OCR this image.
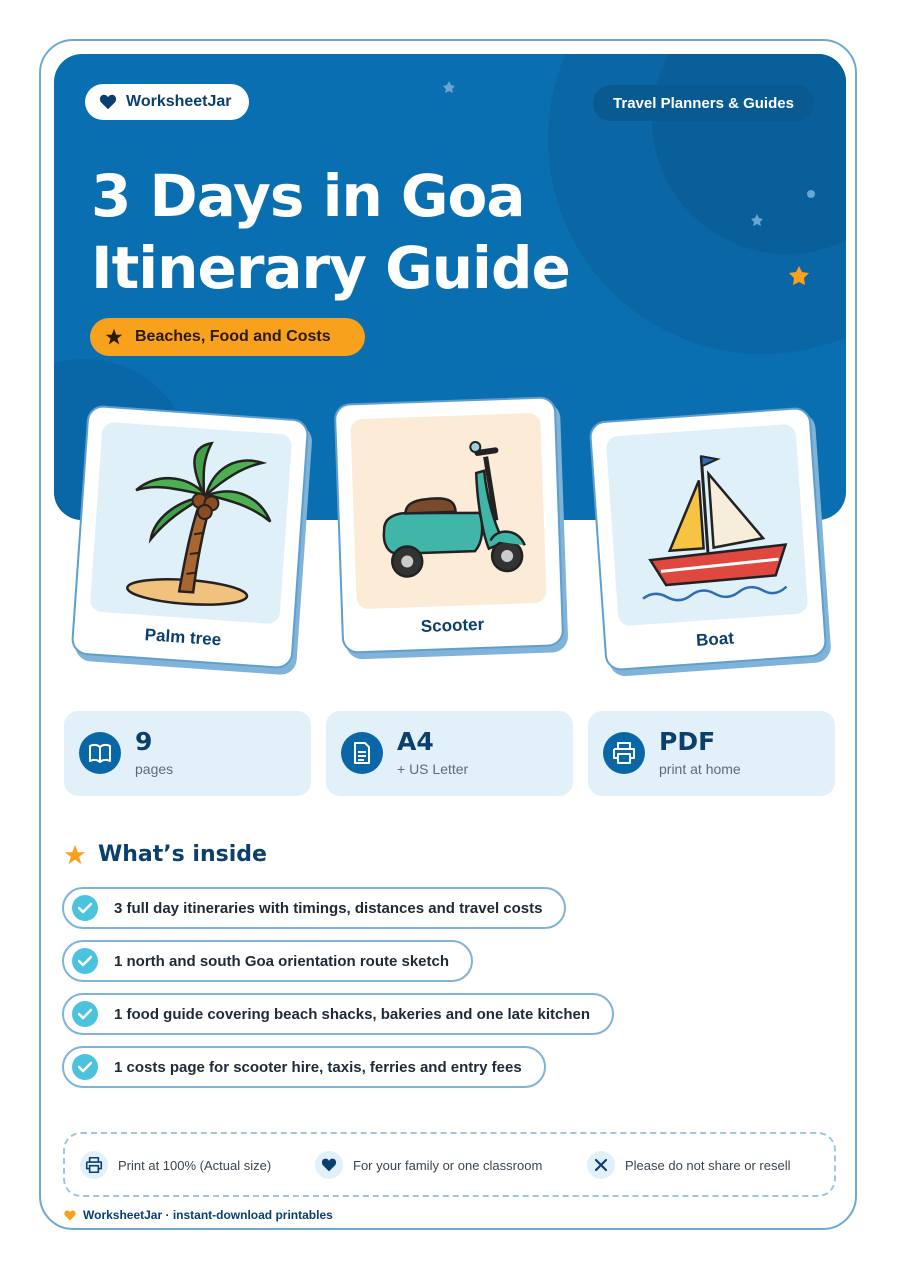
WorksheetJar	Travel Planners & Guides
3 Days in Goa
Itinerary Guide
Beaches, Food and Costs
Palm tree	Scooter
Boat
9
pages
A4
+ US Letter
PDF
print at home
What’s inside
3 full day itineraries with timings, distances and travel costs
1 north and south Goa orientation route sketch
1 food guide covering beach shacks, bakeries and one late kitchen
1 costs page for scooter hire, taxis, ferries and entry fees
Print at 100% (Actual size)	For your family or one classroom	Please do not share or resell
WorksheetJar · instant-download printables
